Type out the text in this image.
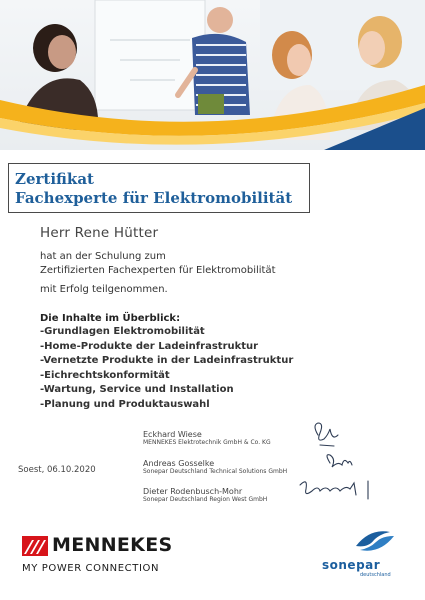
Zertifikat
Fachexperte für Elektromobilität
Herr Rene Hütter
hat an der Schulung zum
Zertifizierten Fachexperten für Elektromobilität
mit Erfolg teilgenommen.
Die Inhalte im Überblick:
-Grundlagen Elektromobilität
-Home-Produkte der Ladeinfrastruktur
-Vernetzte Produkte in der Ladeinfrastruktur
-Eichrechtskonformität
-Wartung, Service und Installation
-Planung und Produktauswahl
Eckhard Wiese
MENNEKES Elektrotechnik GmbH & Co. KG
Andreas Gosselke
Sonepar Deutschland Technical Solutions GmbH
Dieter Rodenbusch-Mohr
Sonepar Deutschland Region West GmbH
Soest, 06.10.2020
MENNEKES
MY POWER CONNECTION	sonepar
deutschland
